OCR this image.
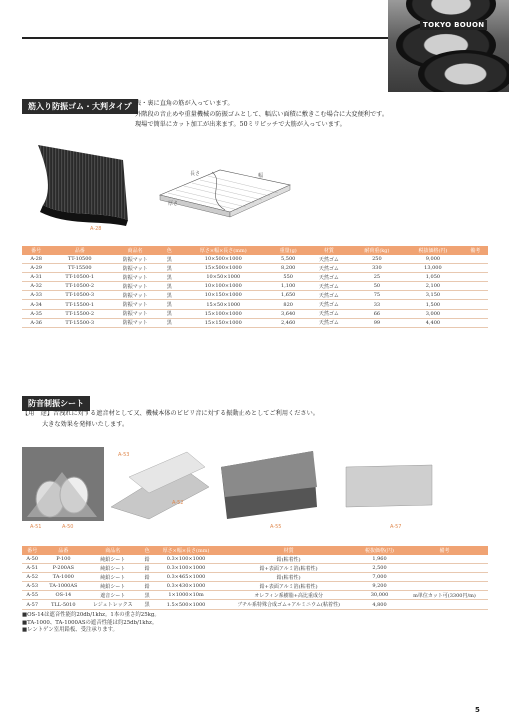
TOKYO BOUON
筋入り防振ゴム・大判タイプ 表・裏に直角の筋が入っています。
外階段の音止めや重量機械の防振ゴムとして、幅広い面積に敷きこむ場合に大変便利です。
現場で簡単にカット加工が出来ます。50ミリピッチで大筋が入っています。
A-28
厚さ
幅
長さ
番号	品番	商品名	色	厚さ×幅×長さ(mm)	重量(g)	材質	耐荷重(kg)	税抜価格(円)	備考
A-28	TT-10500	防振マット	黒	10×500×1000	5,500	天然ゴム	250	9,000	
A-29	TT-15500	防振マット	黒	15×500×1000	8,200	天然ゴム	330	13,000	
A-31	TT-10500-1	防振マット	黒	10×50×1000	550	天然ゴム	25	1,050	
A-32	TT-10500-2	防振マット	黒	10×100×1000	1,100	天然ゴム	50	2,100	
A-33	TT-10500-3	防振マット	黒	10×150×1000	1,650	天然ゴム	75	3,150	
A-34	TT-15500-1	防振マット	黒	15×50×1000	820	天然ゴム	33	1,500	
A-35	TT-15500-2	防振マット	黒	15×100×1000	3,640	天然ゴム	66	3,000	
A-36	TT-15500-3	防振マット	黒	15×150×1000	2,460	天然ゴム	99	4,400	
防音制振シート
【用　途】音洩れに対する遮音材として又、機械本体のビビリ音に対する振動止めとしてご利用ください。
大きな効果を発揮いたします。
A-51	A-50
A-53
A-52
A-55	A-57
番号	品番	商品名	色	厚さ×幅×長さ(mm)	材質	税抜価格(円)	備考
A-50	P-100	純鉛シート	鉛	0.3×100×1000	鉛(粘着性)	1,960	
A-51	P-200AS	純鉛シート	鉛	0.3×100×1000	鉛+表面アルミ箔(粘着性)	2,500	
A-52	TA-1000	純鉛シート	鉛	0.3×465×1000	鉛(粘着性)	7,000	
A-53	TA-1000AS	純鉛シート	鉛	0.3×430×1000	鉛+表面アルミ箔(粘着性)	9,200	
A-55	OS-14	遮音シート	黒	1×1000×10m	オレフィン系樹脂+高比重成分	30,000	m単位カット可(3300円/m)
A-57	TLL-5010	レジェトレックス	黒	1.5×500×1000	ブチル系特殊合成ゴム+アルミニウム(粘着性)	4,800	
■OS-14は遮音性能約20db/1khz。1本の重さ約25kg。
■TA-1000、TA-1000ASの遮音性能は約25db/1khz。
■レントゲン室用鉛板、受注承ります。
5
